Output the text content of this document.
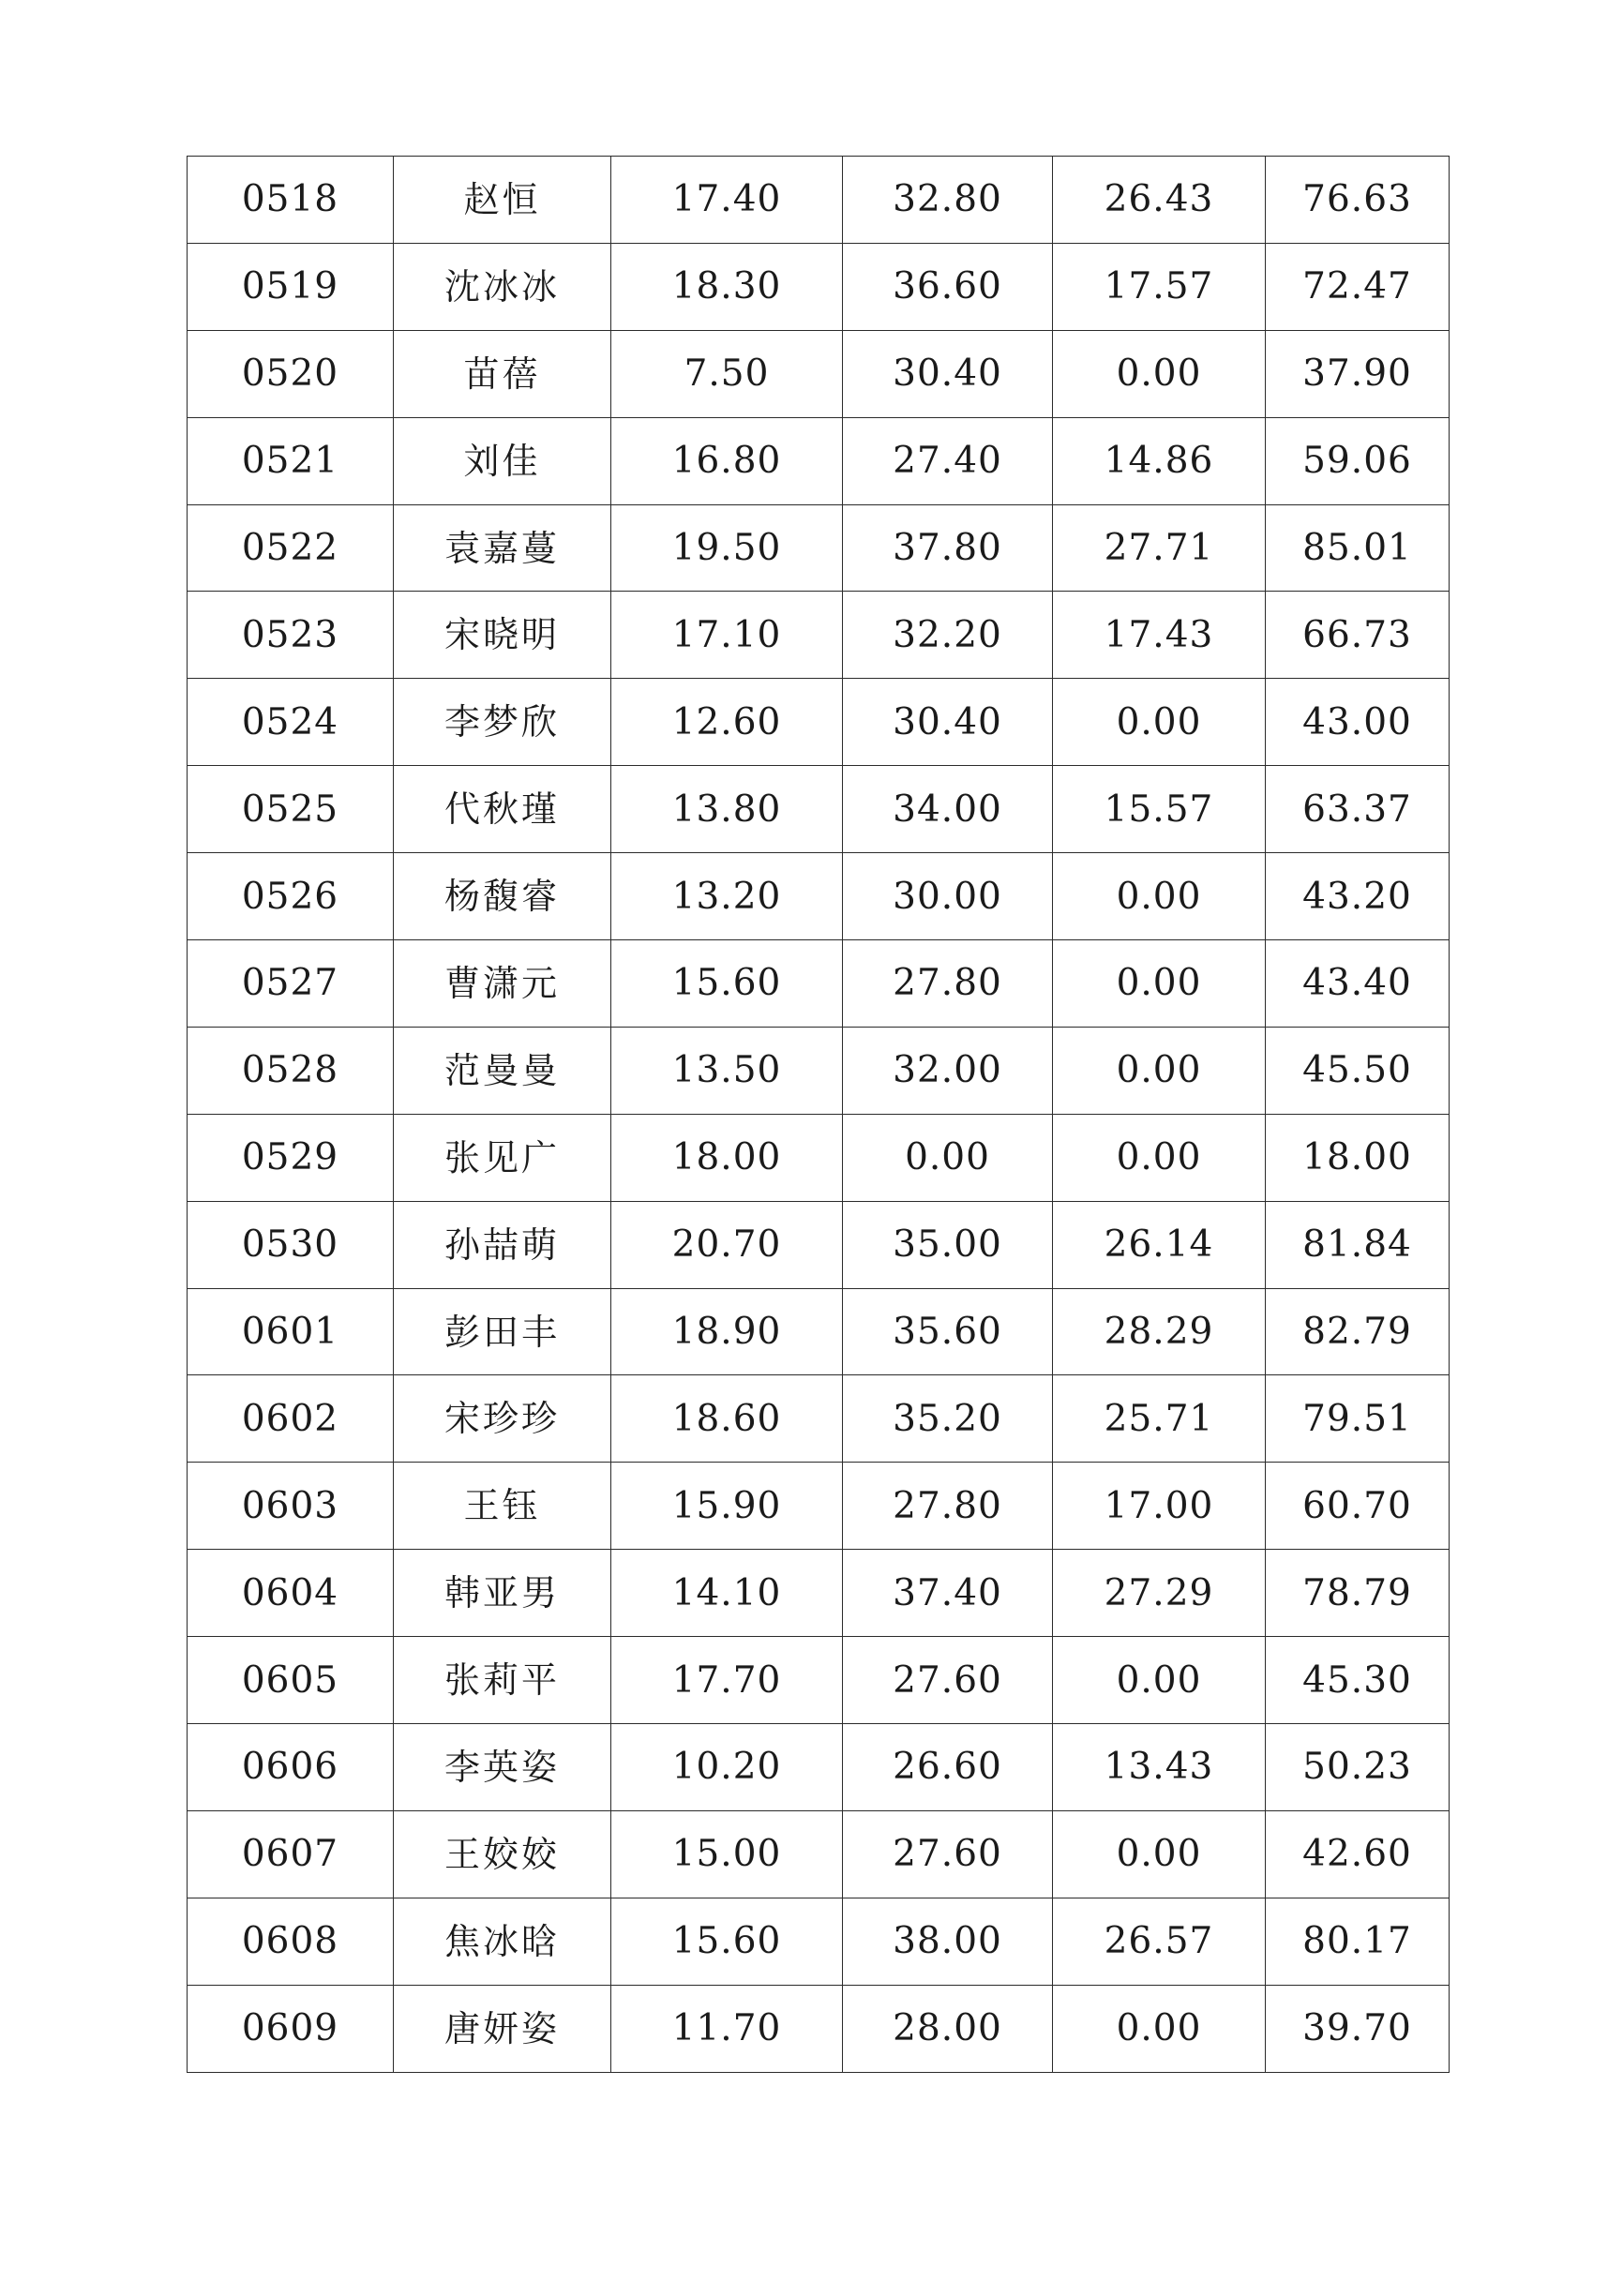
0518	赵恒	17.40	32.80	26.43	76.63
0519	沈冰冰	18.30	36.60	17.57	72.47
0520	苗蓓	7.50	30.40	0.00	37.90
0521	刘佳	16.80	27.40	14.86	59.06
0522	袁嘉蔓	19.50	37.80	27.71	85.01
0523	宋晓明	17.10	32.20	17.43	66.73
0524	李梦欣	12.60	30.40	0.00	43.00
0525	代秋瑾	13.80	34.00	15.57	63.37
0526	杨馥睿	13.20	30.00	0.00	43.20
0527	曹潇元	15.60	27.80	0.00	43.40
0528	范曼曼	13.50	32.00	0.00	45.50
0529	张见广	18.00	0.00	0.00	18.00
0530	孙喆萌	20.70	35.00	26.14	81.84
0601	彭田丰	18.90	35.60	28.29	82.79
0602	宋珍珍	18.60	35.20	25.71	79.51
0603	王钰	15.90	27.80	17.00	60.70
0604	韩亚男	14.10	37.40	27.29	78.79
0605	张莉平	17.70	27.60	0.00	45.30
0606	李英姿	10.20	26.60	13.43	50.23
0607	王姣姣	15.00	27.60	0.00	42.60
0608	焦冰晗	15.60	38.00	26.57	80.17
0609	唐妍姿	11.70	28.00	0.00	39.70
